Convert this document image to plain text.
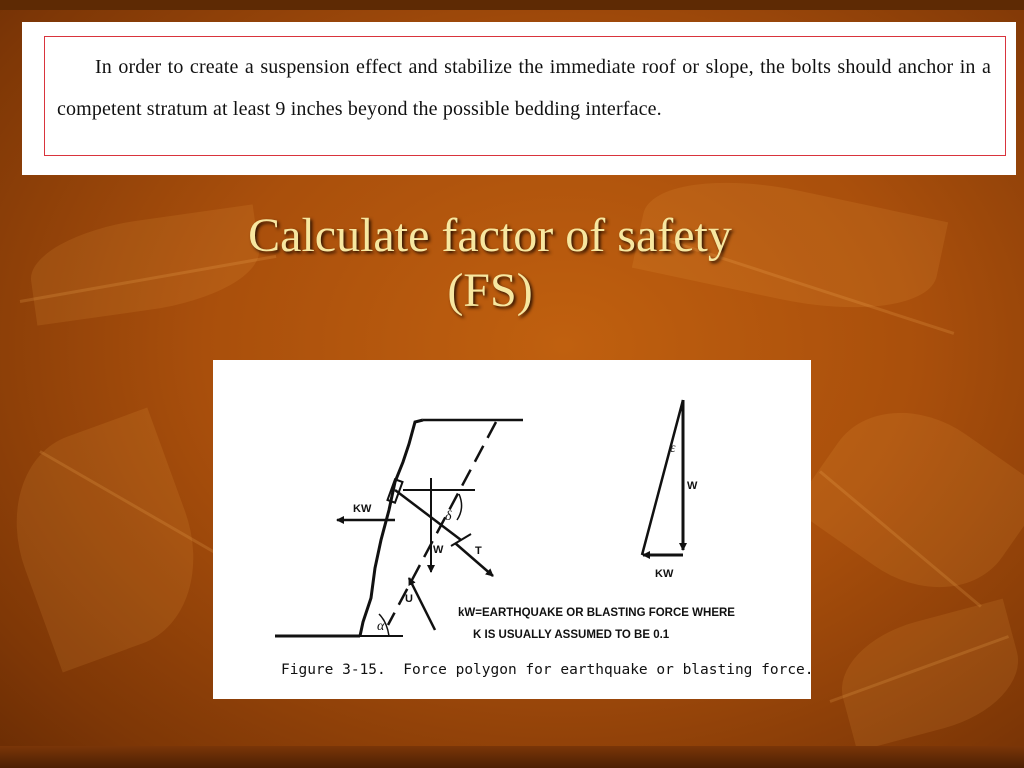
In order to create a suspension effect and stabilize the immediate roof or slope, the bolts should anchor in a competent stratum at least 9 inches beyond the possible bedding interface.

Calculate factor of safety (FS)
δ
W
KW
T
U
α
ε
W
KW
kW=EARTHQUAKE OR BLASTING FORCE WHERE
K IS USUALLY ASSUMED TO BE 0.1
Figure 3-15.  Force polygon for earthquake or blasting force.
